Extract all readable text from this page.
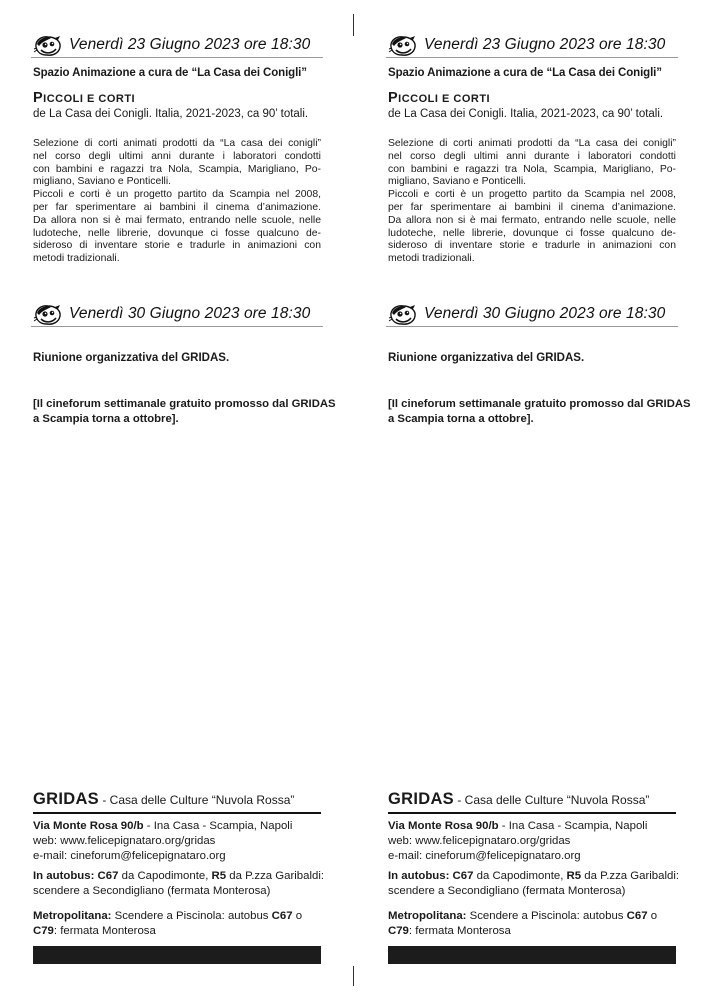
Venerdì 23 Giugno 2023 ore 18:30
Spazio Animazione a cura de “La Casa dei Conigli”
PICCOLI E CORTI
de La Casa dei Conigli. Italia, 2021-2023, ca 90’ totali.
Selezione di corti animati prodotti da “La casa dei conigli”
nel corso degli ultimi anni durante i laboratori condotti
con bambini e ragazzi tra Nola, Scampia, Marigliano, Po-
migliano, Saviano e Ponticelli.
Piccoli e corti è un progetto partito da Scampia nel 2008,
per far sperimentare ai bambini il cinema d’animazione.
Da allora non si è mai fermato, entrando nelle scuole, nelle
ludoteche, nelle librerie, dovunque ci fosse qualcuno de-
sideroso di inventare storie e tradurle in animazioni con
metodi tradizionali.
Venerdì 30 Giugno 2023 ore 18:30
Riunione organizzativa del GRIDAS.
[Il cineforum settimanale gratuito promosso dal GRIDAS
a Scampia torna a ottobre].
GRIDAS - Casa delle Culture “Nuvola Rossa”
Via Monte Rosa 90/b - Ina Casa - Scampia, Napoli
web: www.felicepignataro.org/gridas
e-mail: cineforum@felicepignataro.org
In autobus: C67 da Capodimonte, R5 da P.zza Garibaldi:
scendere a Secondigliano (fermata Monterosa)
Metropolitana: Scendere a Piscinola: autobus C67 o
C79: fermata Monterosa
Venerdì 23 Giugno 2023 ore 18:30
Spazio Animazione a cura de “La Casa dei Conigli”
PICCOLI E CORTI
de La Casa dei Conigli. Italia, 2021-2023, ca 90’ totali.
Selezione di corti animati prodotti da “La casa dei conigli”
nel corso degli ultimi anni durante i laboratori condotti
con bambini e ragazzi tra Nola, Scampia, Marigliano, Po-
migliano, Saviano e Ponticelli.
Piccoli e corti è un progetto partito da Scampia nel 2008,
per far sperimentare ai bambini il cinema d’animazione.
Da allora non si è mai fermato, entrando nelle scuole, nelle
ludoteche, nelle librerie, dovunque ci fosse qualcuno de-
sideroso di inventare storie e tradurle in animazioni con
metodi tradizionali.
Venerdì 30 Giugno 2023 ore 18:30
Riunione organizzativa del GRIDAS.
[Il cineforum settimanale gratuito promosso dal GRIDAS
a Scampia torna a ottobre].
GRIDAS - Casa delle Culture “Nuvola Rossa”
Via Monte Rosa 90/b - Ina Casa - Scampia, Napoli
web: www.felicepignataro.org/gridas
e-mail: cineforum@felicepignataro.org
In autobus: C67 da Capodimonte, R5 da P.zza Garibaldi:
scendere a Secondigliano (fermata Monterosa)
Metropolitana: Scendere a Piscinola: autobus C67 o
C79: fermata Monterosa
